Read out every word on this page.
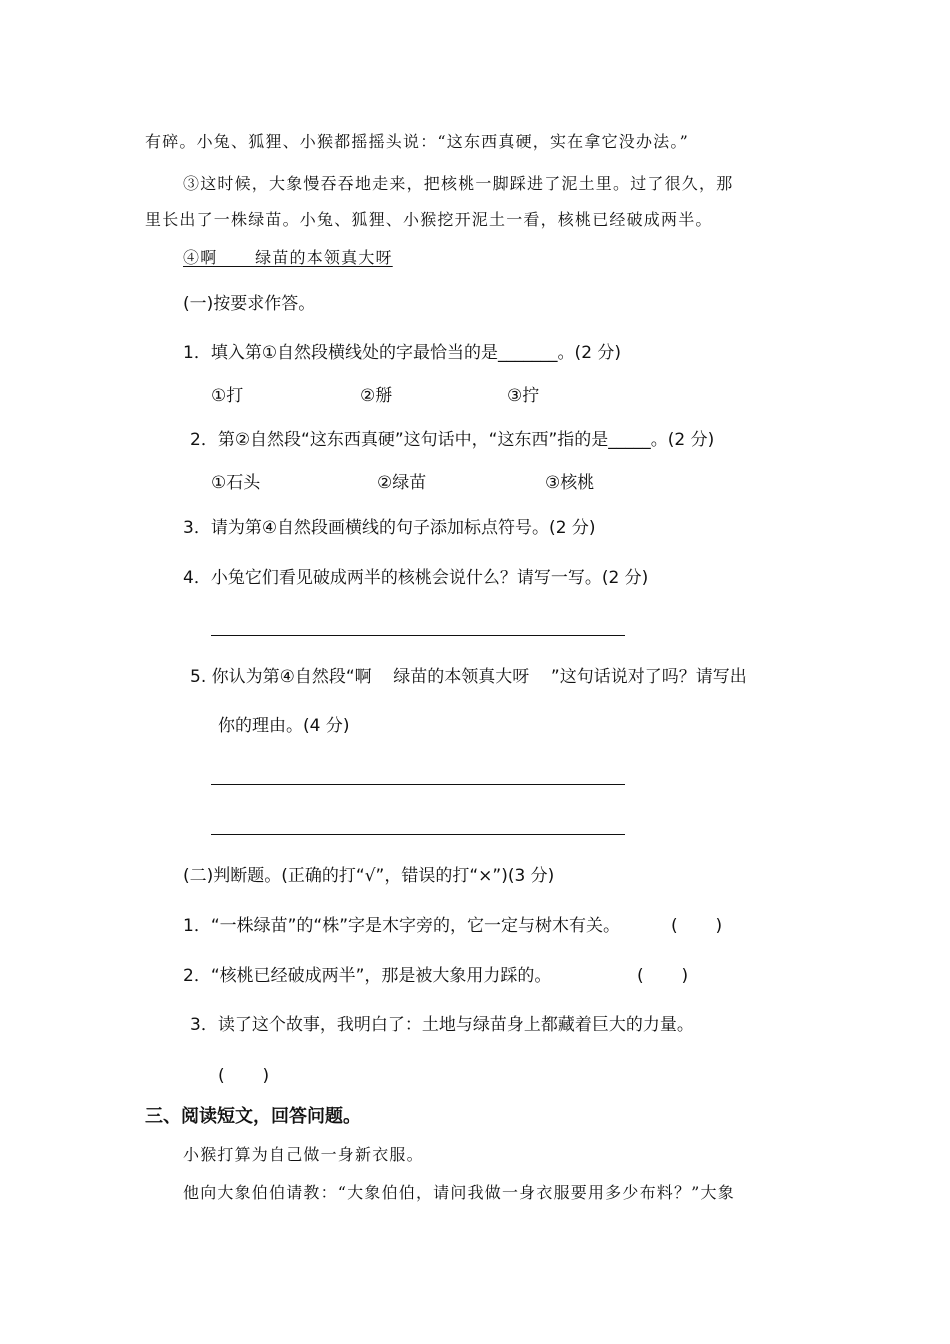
有碎。小兔、狐狸、小猴都摇摇头说：“这东西真硬，实在拿它没办法。”
③这时候，大象慢吞吞地走来，把核桃一脚踩进了泥土里。过了很久，那
里长出了一株绿苗。小兔、狐狸、小猴挖开泥土一看，核桃已经破成两半。
④啊      绿苗的本领真大呀
(一)按要求作答。
1．填入第①自然段横线处的字最恰当的是_______。(2 分)
①打	②掰	③拧
2．第②自然段“这东西真硬”这句话中，“这东西”指的是_____。(2 分)
①石头	②绿苗	③核桃
3．请为第④自然段画横线的句子添加标点符号。(2 分)
4．小兔它们看见破成两半的核桃会说什么？请写一写。(2 分)
5. 你认为第④自然段“啊    绿苗的本领真大呀    ”这句话说对了吗？请写出
你的理由。(4 分)
(二)判断题。(正确的打“√”，错误的打“×”)(3 分)
1．“一株绿苗”的“株”字是木字旁的，它一定与树木有关。	(       )
2．“核桃已经破成两半”，那是被大象用力踩的。	(       )
3．读了这个故事，我明白了：土地与绿苗身上都藏着巨大的力量。
(       )
三、阅读短文，回答问题。
小猴打算为自己做一身新衣服。
他向大象伯伯请教：“大象伯伯，请问我做一身衣服要用多少布料？”大象
